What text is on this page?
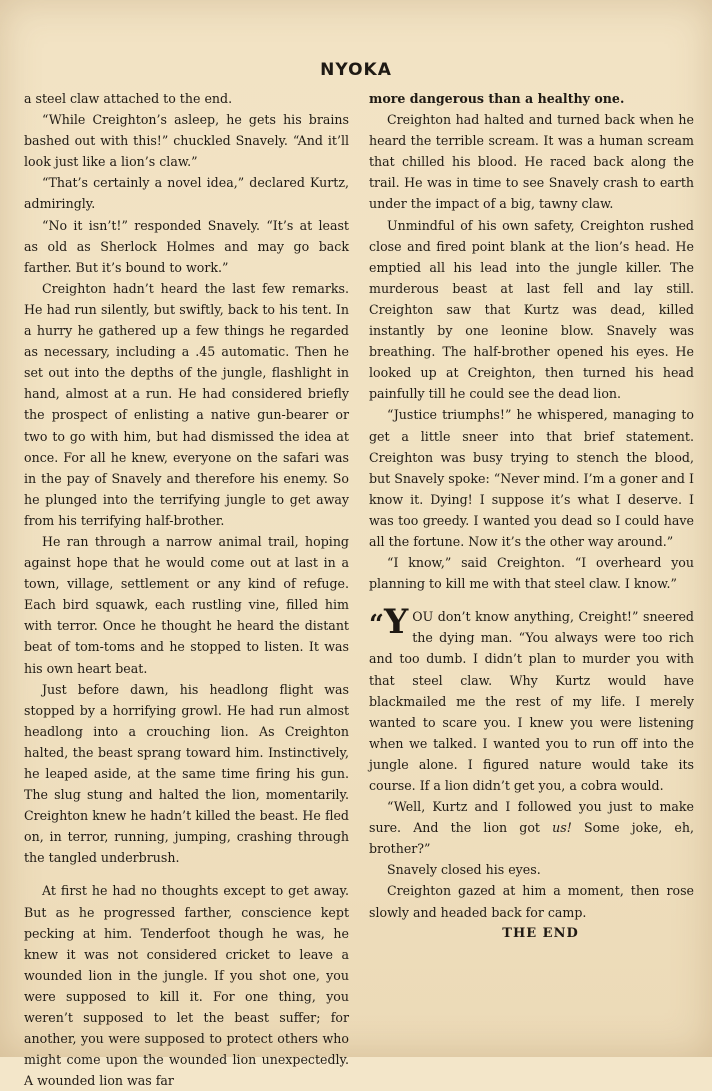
NYOKA

a steel claw attached to the end.

“While Creighton’s asleep, he gets his brains bashed out with this!” chuckled Snavely. “And it’ll look just like a lion’s claw.”

“That’s certainly a novel idea,” declared Kurtz, admiringly.

“No it isn’t!” responded Snavely. “It’s at least as old as Sherlock Holmes and may go back farther. But it’s bound to work.”

Creighton hadn’t heard the last few remarks. He had run silently, but swiftly, back to his tent. In a hurry he gathered up a few things he regarded as necessary, including a .45 automatic. Then he set out into the depths of the jungle, flashlight in hand, almost at a run. He had considered briefly the prospect of enlisting a native gun-bearer or two to go with him, but had dismissed the idea at once. For all he knew, everyone on the safari was in the pay of Snavely and therefore his enemy. So he plunged into the terrifying jungle to get away from his terrifying half-brother.

He ran through a narrow animal trail, hoping against hope that he would come out at last in a town, village, settlement or any kind of refuge. Each bird squawk, each rustling vine, filled him with terror. Once he thought he heard the distant beat of tom-toms and he stopped to listen. It was his own heart beat.

Just before dawn, his headlong flight was stopped by a horrifying growl. He had run almost headlong into a crouching lion. As Creighton halted, the beast sprang toward him. Instinctively, he leaped aside, at the same time firing his gun. The slug stung and halted the lion, momentarily. Creighton knew he hadn’t killed the beast. He fled on, in terror, running, jumping, crashing through the tangled underbrush.

At first he had no thoughts except to get away. But as he progressed farther, conscience kept pecking at him. Tenderfoot though he was, he knew it was not considered cricket to leave a wounded lion in the jungle. If you shot one, you were supposed to kill it. For one thing, you weren’t supposed to let the beast suffer; for another, you were supposed to protect others who might come upon the wounded lion unexpectedly. A wounded lion was far

more dangerous than a healthy one.

Creighton had halted and turned back when he heard the terrible scream. It was a human scream that chilled his blood. He raced back along the trail. He was in time to see Snavely crash to earth under the impact of a big, tawny claw.

Unmindful of his own safety, Creighton rushed close and fired point blank at the lion’s head. He emptied all his lead into the jungle killer. The murderous beast at last fell and lay still. Creighton saw that Kurtz was dead, killed instantly by one leonine blow. Snavely was breathing. The half-brother opened his eyes. He looked up at Creighton, then turned his head painfully till he could see the dead lion.

“Justice triumphs!” he whispered, managing to get a little sneer into that brief statement. Creighton was busy trying to stench the blood, but Snavely spoke: “Never mind. I’m a goner and I know it. Dying! I suppose it’s what I deserve. I was too greedy. I wanted you dead so I could have all the fortune. Now it’s the other way around.”

“I know,” said Creighton. “I overheard you planning to kill me with that steel claw. I know.”

“Y OU don’t know anything, Creight!” sneered the dying man. “You always were too rich and too dumb. I didn’t plan to murder you with that steel claw. Why Kurtz would have blackmailed me the rest of my life. I merely wanted to scare you. I knew you were listening when we talked. I wanted you to run off into the jungle alone. I figured nature would take its course. If a lion didn’t get you, a cobra would.

“Well, Kurtz and I followed you just to make sure. And the lion got us! Some joke, eh, brother?”

Snavely closed his eyes.

Creighton gazed at him a moment, then rose slowly and headed back for camp.

THE END
